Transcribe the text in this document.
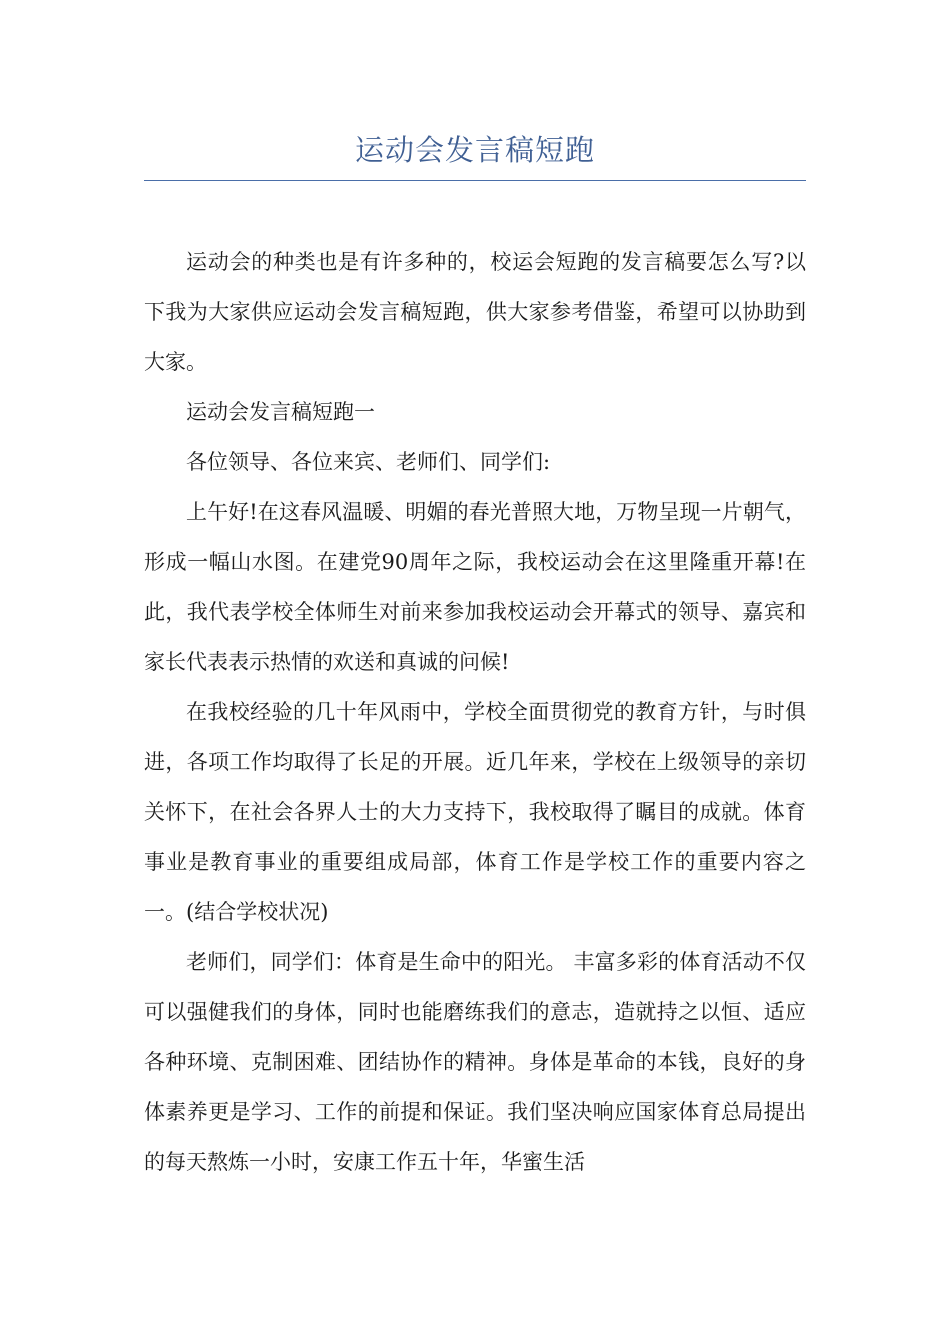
运动会发言稿短跑

运动会的种类也是有许多种的，校运会短跑的发言稿要怎么写?以下我为大家供应运动会发言稿短跑，供大家参考借鉴，希望可以协助到大家。

运动会发言稿短跑一

各位领导、各位来宾、老师们、同学们:

上午好!在这春风温暖、明媚的春光普照大地，万物呈现一片朝气，形成一幅山水图。在建党90周年之际，我校运动会在这里隆重开幕!在此，我代表学校全体师生对前来参加我校运动会开幕式的领导、嘉宾和家长代表表示热情的欢送和真诚的问候!

在我校经验的几十年风雨中，学校全面贯彻党的教育方针，与时俱进，各项工作均取得了长足的开展。近几年来，学校在上级领导的亲切关怀下，在社会各界人士的大力支持下，我校取得了瞩目的成就。体育事业是教育事业的重要组成局部，体育工作是学校工作的重要内容之一。(结合学校状况)

老师们，同学们：体育是生命中的阳光。 丰富多彩的体育活动不仅可以强健我们的身体，同时也能磨练我们的意志，造就持之以恒、适应各种环境、克制困难、团结协作的精神。身体是革命的本钱，良好的身体素养更是学习、工作的前提和保证。我们坚决响应国家体育总局提出的每天熬炼一小时，安康工作五十年，华蜜生活
